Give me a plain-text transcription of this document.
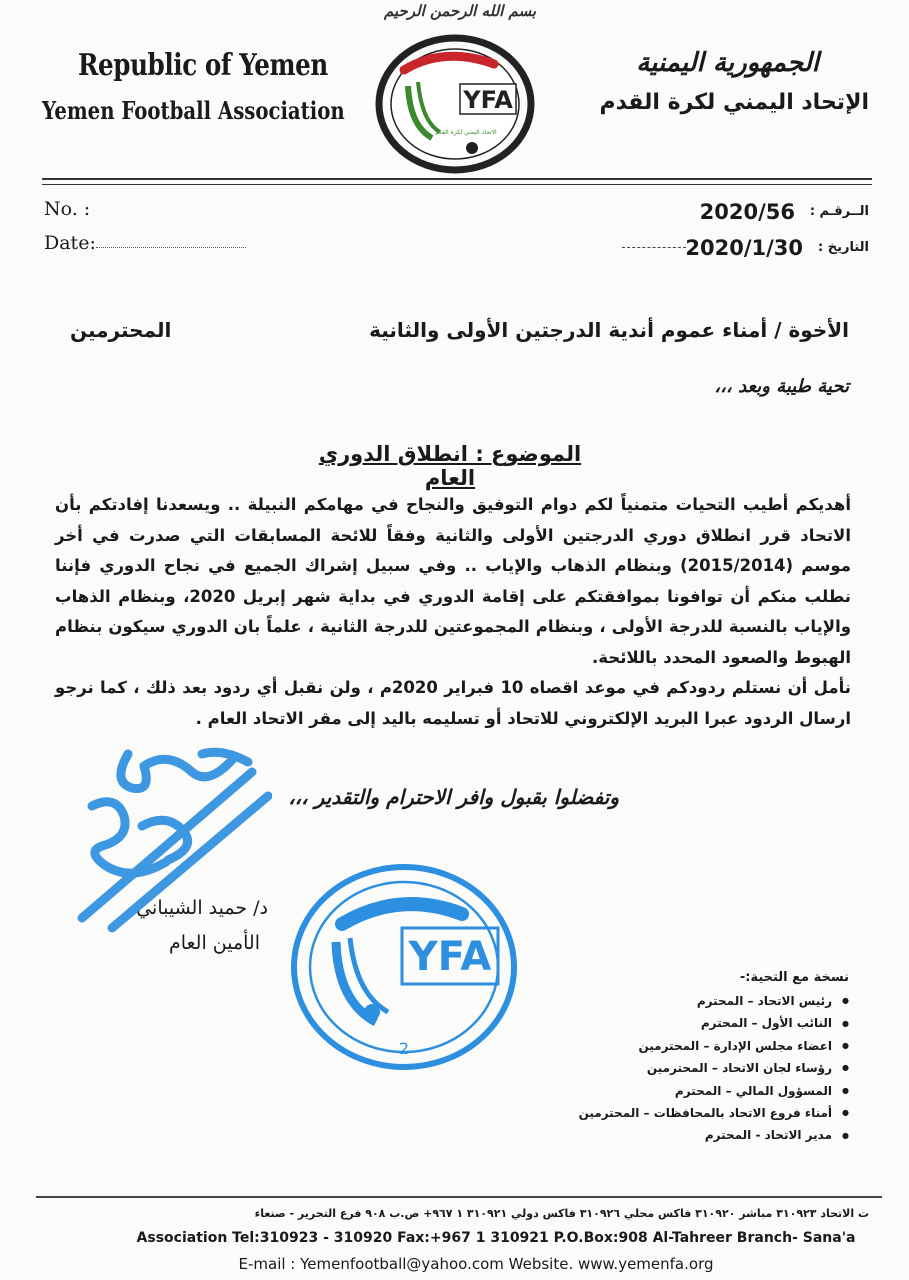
بسم الله الرحمن الرحيم
Republic of Yemen
Yemen Football Association
الجمهورية اليمنية
الإتحاد اليمني لكرة القدم
YFA
الاتحاد اليمني لكرة القدم
No. :
Date:
الــرقـم :
2020/56
التاريخ :
2020/1/30
الأخوة / أمناء عموم أندية الدرجتين الأولى والثانية
المحترمين
تحية طيبة وبعد ،،،
الموضوع : انطلاق الدوري العام

أهديكم أطيب التحيات متمنياً لكم دوام التوفيق والنجاح في مهامكم النبيلة .. ويسعدنا إفادتكم بأن الاتحاد قرر انطلاق دوري الدرجتين الأولى والثانية وفقاً للائحة المسابقات التي صدرت في أخر موسم (2015/2014) وبنظام الذهاب والإياب .. وفي سبيل إشراك الجميع في نجاح الدوري فإننا نطلب منكم أن توافونا بموافقتكم على إقامة الدوري في بداية شهر إبريل 2020، وبنظام الذهاب والإياب بالنسبة للدرجة الأولى ، وبنظام المجموعتين للدرجة الثانية ، علماً بان الدوري سيكون بنظام الهبوط والصعود المحدد باللائحة.

نأمل أن نستلم ردودكم في موعد اقصاه 10 فبراير 2020م ، ولن نقبل أي ردود بعد ذلك ، كما نرجو ارسال الردود عبرا البريد الإلكتروني للاتحاد أو تسليمه باليد إلى مقر الاتحاد العام .

وتفضلوا بقبول وافر الاحترام والتقدير ،،،
د/ حميد الشيباني
الأمين العام	YFA
2
نسخة مع التحية:-
● رئيس الاتحاد – المحترم
● النائب الأول – المحترم
● اعضاء مجلس الإدارة – المحترمين
● رؤساء لجان الاتحاد – المحترمين
● المسؤول المالي – المحترم
● أمناء فروع الاتحاد بالمحافظات – المحترمين
● مدير الاتحاد - المحترم
ت الاتحاد ٣١٠٩٢٣ مباشر ٣١٠٩٢٠ فاكس محلي ٣١٠٩٢٦ فاكس دولي ٣١٠٩٢١ ١ ٩٦٧+ ص.ب ٩٠٨ فرع التحرير - صنعاء
Association Tel:310923 - 310920 Fax:+967 1 310921 P.O.Box:908 Al-Tahreer Branch- Sana'a
E-mail : Yemenfootball@yahoo.com Website. www.yemenfa.org
